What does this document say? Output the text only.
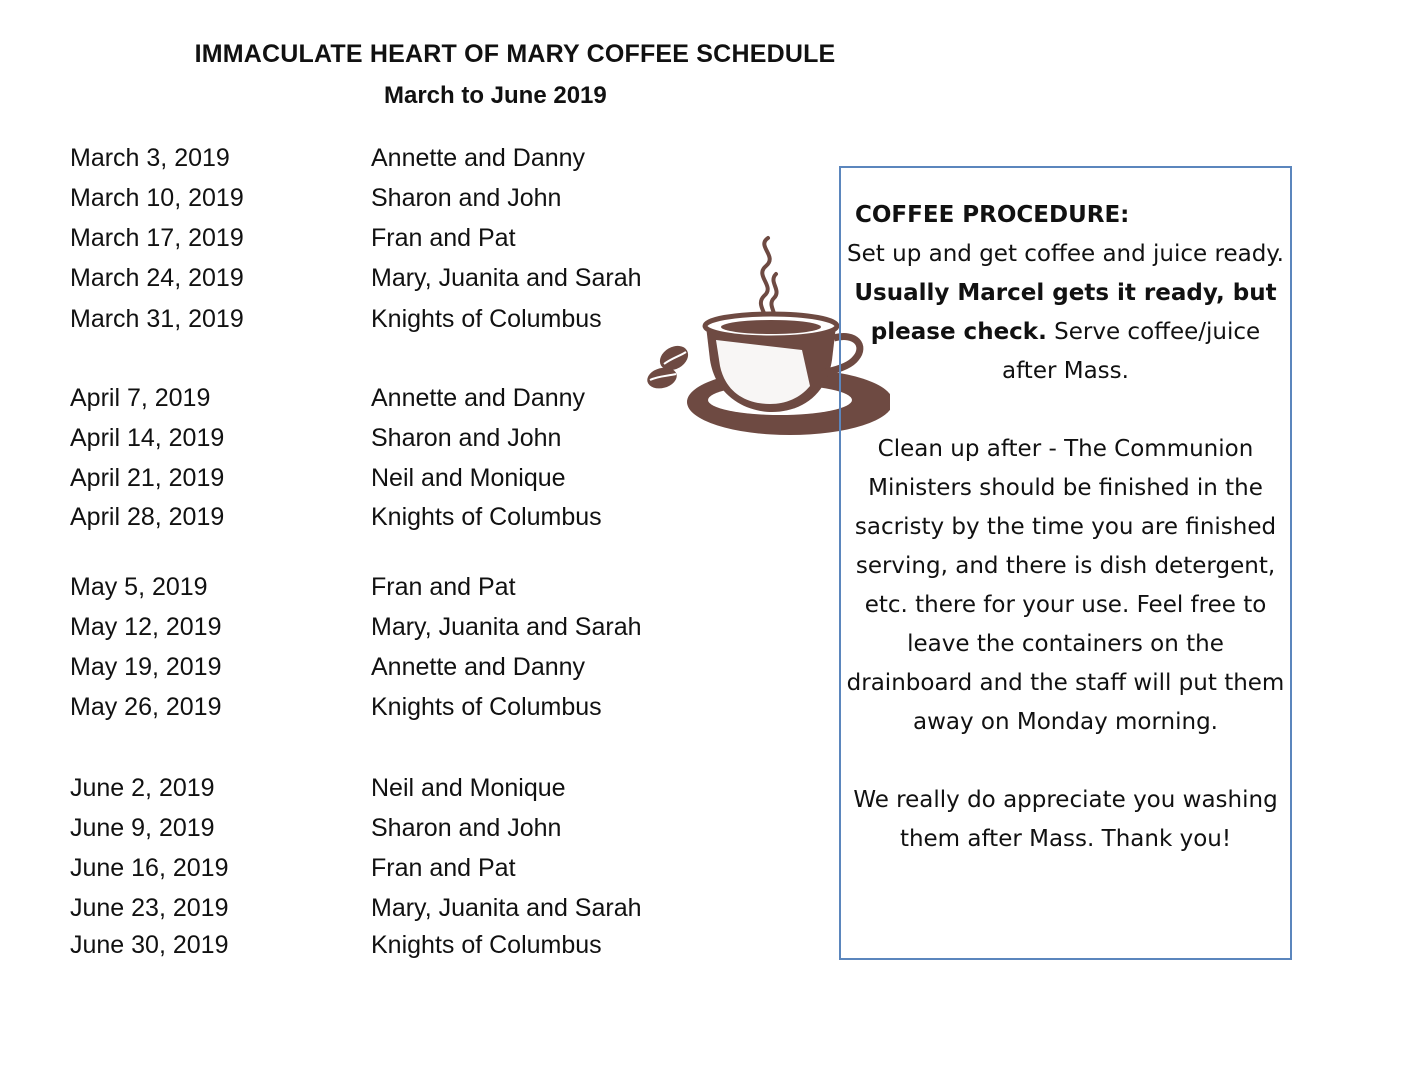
IMMACULATE HEART OF MARY COFFEE SCHEDULE
March to June 2019
March 3, 2019	Annette and Danny
March 10, 2019	Sharon and John
March 17, 2019	Fran and Pat
March 24, 2019	Mary, Juanita and Sarah
March 31, 2019	Knights of Columbus
April 7, 2019	Annette and Danny
April 14, 2019	Sharon and John
April 21, 2019	Neil and Monique
April 28, 2019	Knights of Columbus
May 5, 2019	Fran and Pat
May 12, 2019	Mary, Juanita and Sarah
May 19, 2019	Annette and Danny
May 26, 2019	Knights of Columbus
June 2, 2019	Neil and Monique
June 9, 2019	Sharon and John
June 16, 2019	Fran and Pat
June 23, 2019	Mary, Juanita and Sarah
June 30, 2019	Knights of Columbus
COFFEE PROCEDURE:

Set up and get coffee and juice ready. Usually Marcel gets it ready, but please check. Serve coffee/juice after Mass.

Clean up after - The Communion Ministers should be finished in the sacristy by the time you are finished serving, and there is dish detergent, etc. there for your use. Feel free to leave the containers on the drainboard and the staff will put them away on Monday morning.

We really do appreciate you washing them after Mass. Thank you!
